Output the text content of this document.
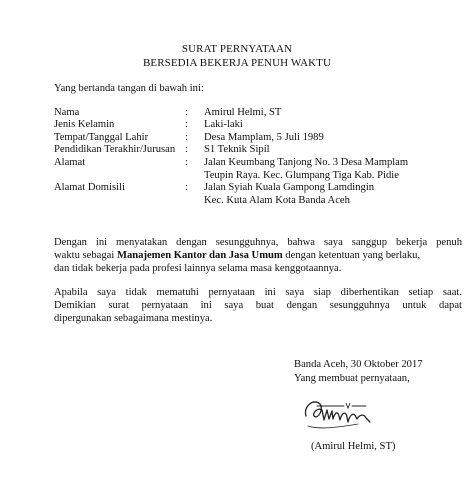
SURAT PERNYATAAN
BERSEDIA BEKERJA PENUH WAKTU
Yang bertanda tangan di bawah ini:
Nama	: Amirul Helmi, ST
Jenis Kelamin	: Laki-laki
Tempat/Tanggal Lahir	: Desa Mamplam, 5 Juli 1989
Pendidikan Terakhir/Jurusan : S1 Teknik Sipil
Alamat	: Jalan Keumbang Tanjong No. 3 Desa Mamplam
Teupin Raya. Kec. Glumpang Tiga Kab. Pidie
Alamat Domisili	: Jalan Syiah Kuala Gampong Lamdingin
Kec. Kuta Alam Kota Banda Aceh
Dengan ini menyatakan dengan sesungguhnya, bahwa saya sanggup bekerja penuh
waktu sebagai Manajemen Kantor dan Jasa Umum dengan ketentuan yang berlaku,
dan tidak bekerja pada profesi lainnya selama masa kenggotaannya.
Apabila saya tidak mematuhi pernyataan ini saya siap diberhentikan setiap saat.
Demikian surat pernyataan ini saya buat dengan sesungguhnya untuk dapat
dipergunakan sebagaimana mestinya.
Banda Aceh, 30 Oktober 2017
Yang membuat pernyataan,
(Amirul Helmi, ST)
